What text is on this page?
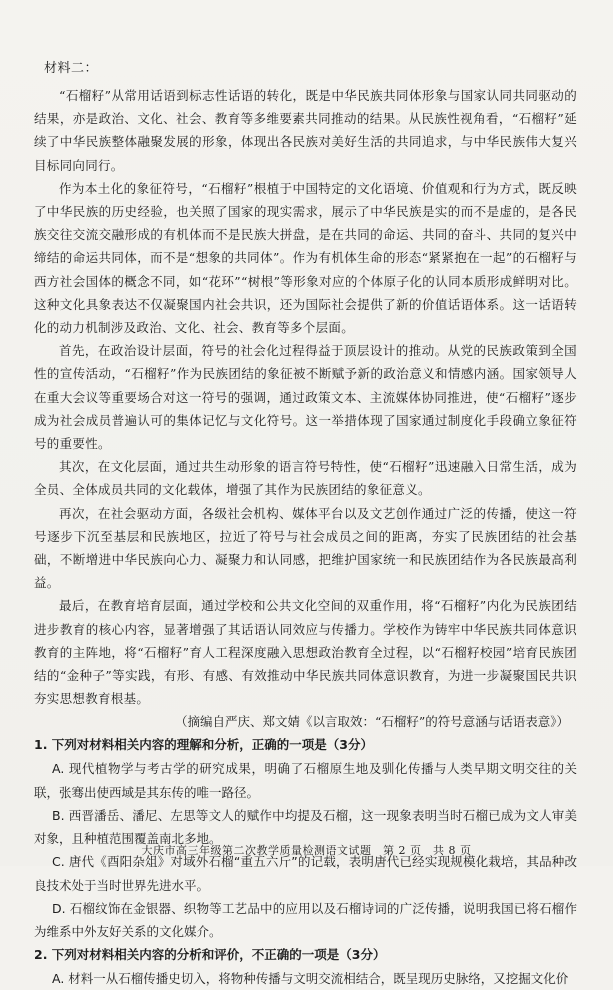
材料二：

“石榴籽”从常用话语到标志性话语的转化，既是中华民族共同体形象与国家认同共同驱动的结果，亦是政治、文化、社会、教育等多维要素共同推动的结果。从民族性视角看，“石榴籽”延续了中华民族整体融聚发展的形象，体现出各民族对美好生活的共同追求，与中华民族伟大复兴目标同向同行。

作为本土化的象征符号，“石榴籽”根植于中国特定的文化语境、价值观和行为方式，既反映了中华民族的历史经验，也关照了国家的现实需求，展示了中华民族是实的而不是虚的，是各民族交往交流交融形成的有机体而不是民族大拼盘，是在共同的命运、共同的奋斗、共同的复兴中缔结的命运共同体，而不是“想象的共同体”。作为有机体生命的形态“紧紧抱在一起”的石榴籽与西方社会国体的概念不同，如“花环”“树根”等形象对应的个体原子化的认同本质形成鲜明对比。这种文化具象表达不仅凝聚国内社会共识，还为国际社会提供了新的价值话语体系。这一话语转化的动力机制涉及政治、文化、社会、教育等多个层面。

首先，在政治设计层面，符号的社会化过程得益于顶层设计的推动。从党的民族政策到全国性的宣传活动，“石榴籽”作为民族团结的象征被不断赋予新的政治意义和情感内涵。国家领导人在重大会议等重要场合对这一符号的强调，通过政策文本、主流媒体协同推进，使“石榴籽”逐步成为社会成员普遍认可的集体记忆与文化符号。这一举措体现了国家通过制度化手段确立象征符号的重要性。

其次，在文化层面，通过共生动形象的语言符号特性，使“石榴籽”迅速融入日常生活，成为全员、全体成员共同的文化载体，增强了其作为民族团结的象征意义。

再次，在社会驱动方面，各级社会机构、媒体平台以及文艺创作通过广泛的传播，使这一符号逐步下沉至基层和民族地区，拉近了符号与社会成员之间的距离，夯实了民族团结的社会基础，不断增进中华民族向心力、凝聚力和认同感，把维护国家统一和民族团结作为各民族最高利益。

最后，在教育培育层面，通过学校和公共文化空间的双重作用，将“石榴籽”内化为民族团结进步教育的核心内容，显著增强了其话语认同效应与传播力。学校作为铸牢中华民族共同体意识教育的主阵地，将“石榴籽”育人工程深度融入思想政治教育全过程，以“石榴籽校园”培育民族团结的“金种子”等实践，有形、有感、有效推动中华民族共同体意识教育，为进一步凝聚国民共识夯实思想教育根基。

（摘编自严庆、郑文婧《以言取效：“石榴籽”的符号意涵与话语表意》）

1. 下列对材料相关内容的理解和分析，正确的一项是（3分）

A. 现代植物学与考古学的研究成果，明确了石榴原生地及驯化传播与人类早期文明交往的关联，张骞出使西域是其东传的唯一路径。

B. 西晋潘岳、潘尼、左思等文人的赋作中均提及石榴，这一现象表明当时石榴已成为文人审美对象，且种植范围覆盖南北多地。

C. 唐代《酉阳杂俎》对域外石榴“重五六斤”的记载，表明唐代已经实现规模化栽培，其品种改良技术处于当时世界先进水平。

D. 石榴纹饰在金银器、织物等工艺品中的应用以及石榴诗词的广泛传播，说明我国已将石榴作为维系中外友好关系的文化媒介。

2. 下列对材料相关内容的分析和评价，不正确的一项是（3分）

A. 材料一从石榴传播史切入，将物种传播与文明交流相结合，既呈现历史脉络，又挖掘文化价

大庆市高三年级第二次教学质量检测语文试题　第 2 页　共 8 页
